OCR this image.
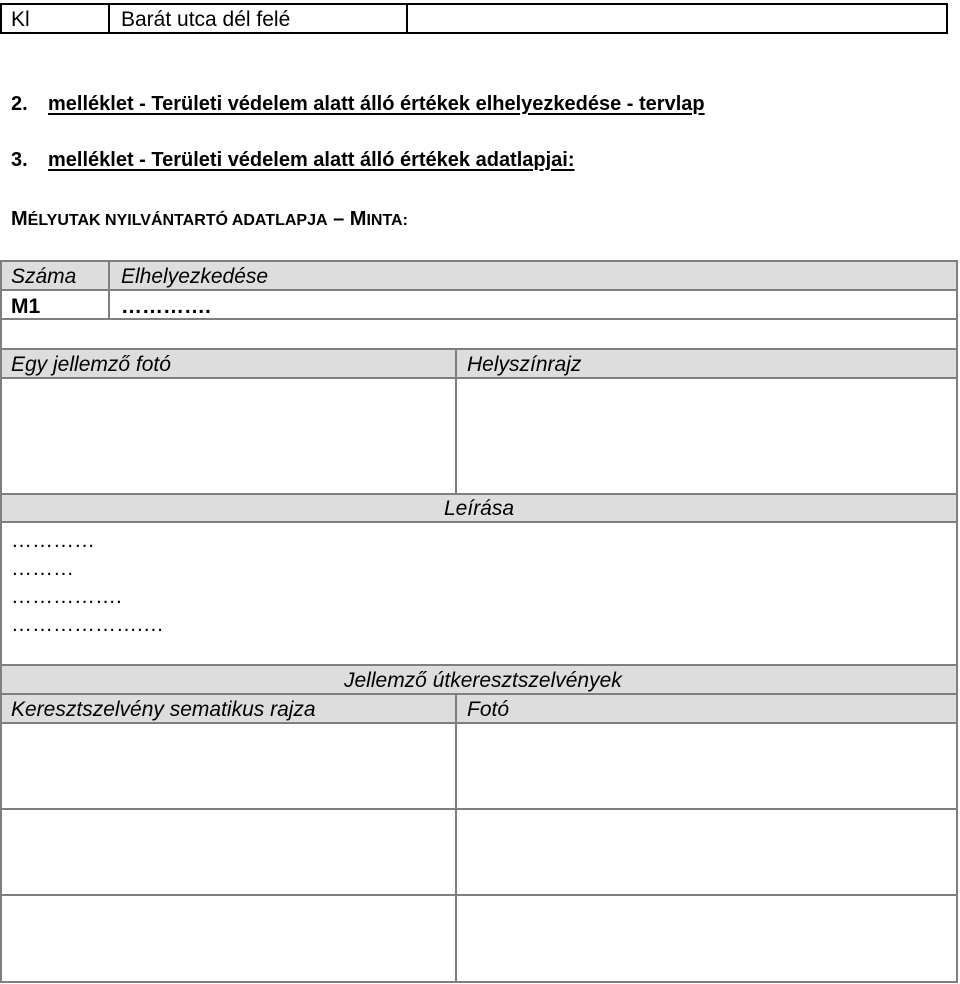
Kl	Barát utca dél felé
2. melléklet - Területi védelem alatt álló értékek elhelyezkedése - tervlap
3. melléklet - Területi védelem alatt álló értékek adatlapjai:
MÉLYUTAK NYILVÁNTARTÓ ADATLAPJA – MINTA:
Száma Elhelyezkedése
M1	………….
Egy jellemző fotó	Helyszínrajz
Leírása
…………
………
…………….
……………….…
Jellemző útkeresztszelvények
Keresztszelvény sematikus rajza	Fotó
